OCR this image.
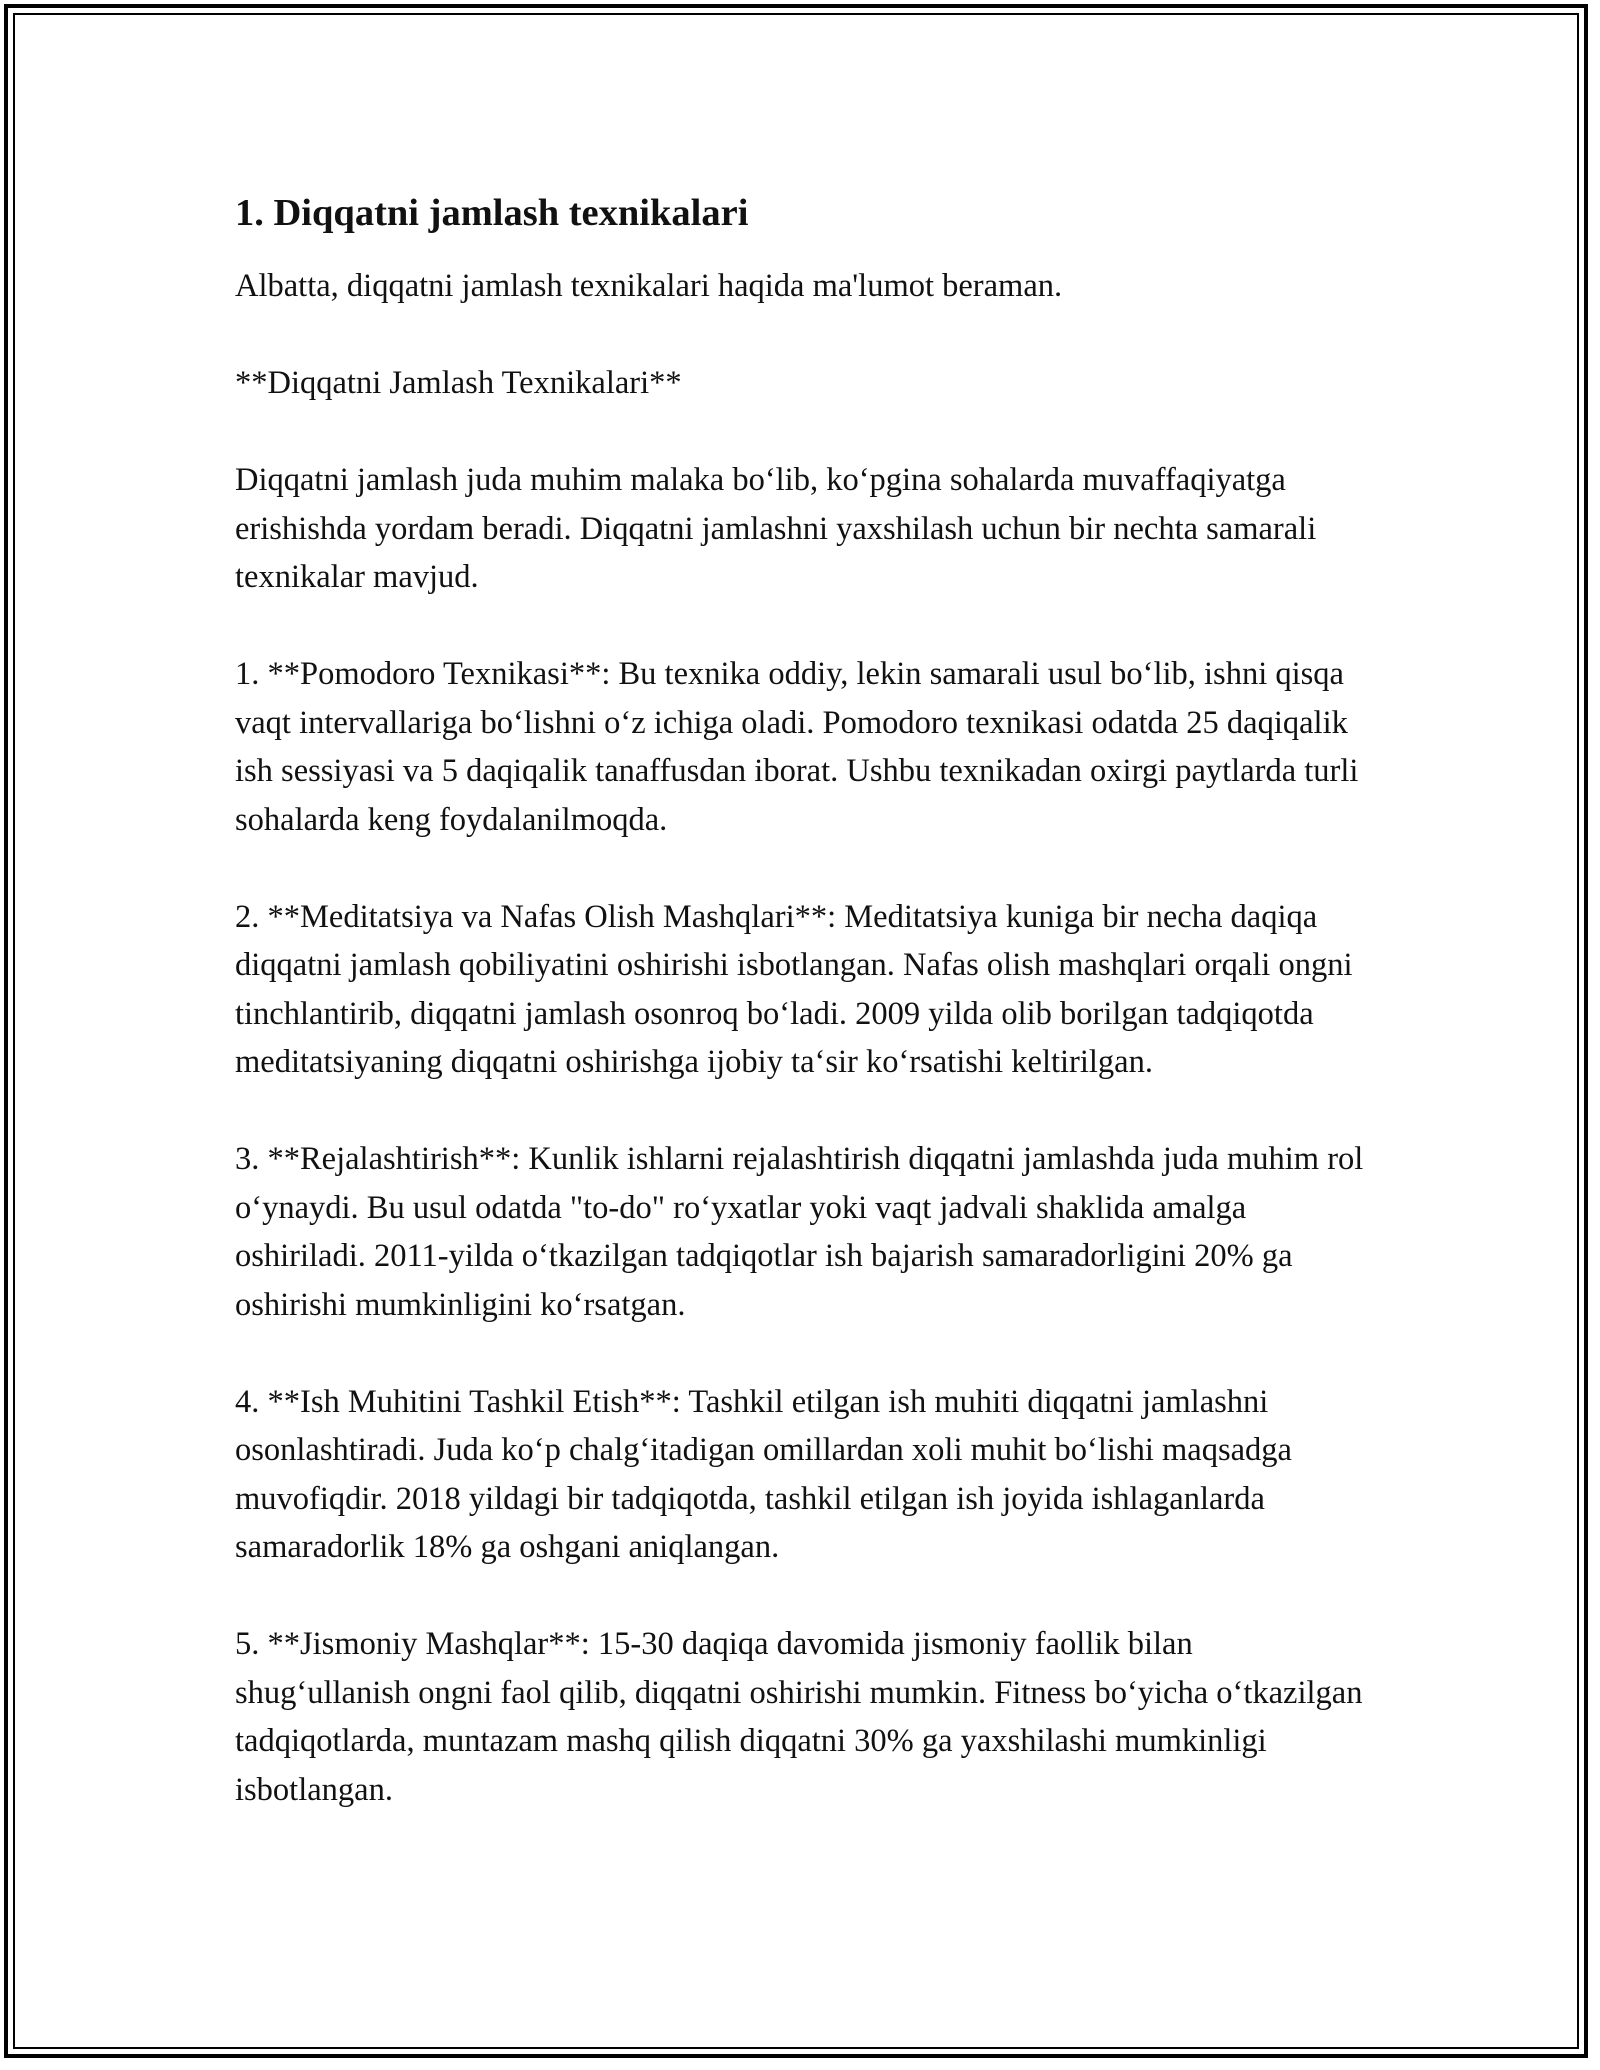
1. Diqqatni jamlash texnikalari

Albatta, diqqatni jamlash texnikalari haqida ma'lumot beraman.

**Diqqatni Jamlash Texnikalari**

Diqqatni jamlash juda muhim malaka bo‘lib, ko‘pgina sohalarda muvaffaqiyatga erishishda yordam beradi. Diqqatni jamlashni yaxshilash uchun bir nechta samarali texnikalar mavjud.

1. **Pomodoro Texnikasi**: Bu texnika oddiy, lekin samarali usul bo‘lib, ishni qisqa vaqt intervallariga bo‘lishni o‘z ichiga oladi. Pomodoro texnikasi odatda 25 daqiqalik ish sessiyasi va 5 daqiqalik tanaffusdan iborat. Ushbu texnikadan oxirgi paytlarda turli sohalarda keng foydalanilmoqda.

2. **Meditatsiya va Nafas Olish Mashqlari**: Meditatsiya kuniga bir necha daqiqa diqqatni jamlash qobiliyatini oshirishi isbotlangan. Nafas olish mashqlari orqali ongni tinchlantirib, diqqatni jamlash osonroq bo‘ladi. 2009 yilda olib borilgan tadqiqotda meditatsiyaning diqqatni oshirishga ijobiy ta‘sir ko‘rsatishi keltirilgan.

3. **Rejalashtirish**: Kunlik ishlarni rejalashtirish diqqatni jamlashda juda muhim rol o‘ynaydi. Bu usul odatda "to-do" ro‘yxatlar yoki vaqt jadvali shaklida amalga oshiriladi. 2011-yilda o‘tkazilgan tadqiqotlar ish bajarish samaradorligini 20% ga oshirishi mumkinligini ko‘rsatgan.

4. **Ish Muhitini Tashkil Etish**: Tashkil etilgan ish muhiti diqqatni jamlashni osonlashtiradi. Juda ko‘p chalg‘itadigan omillardan xoli muhit bo‘lishi maqsadga muvofiqdir. 2018 yildagi bir tadqiqotda, tashkil etilgan ish joyida ishlaganlarda samaradorlik 18% ga oshgani aniqlangan.

5. **Jismoniy Mashqlar**: 15-30 daqiqa davomida jismoniy faollik bilan shug‘ullanish ongni faol qilib, diqqatni oshirishi mumkin. Fitness bo‘yicha o‘tkazilgan tadqiqotlarda, muntazam mashq qilish diqqatni 30% ga yaxshilashi mumkinligi isbotlangan.
